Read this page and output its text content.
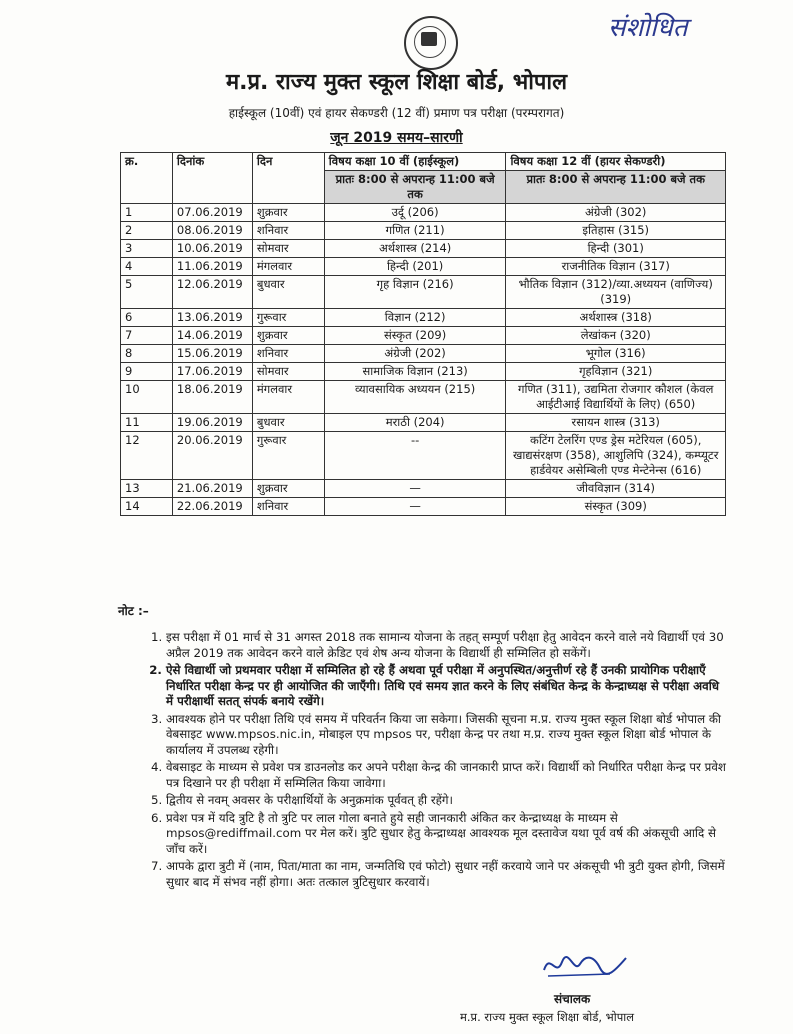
संशोधित
म.प्र. राज्य मुक्त स्कूल शिक्षा बोर्ड, भोपाल
हाईस्कूल (10वीं) एवं हायर सेकण्डरी (12 वीं) प्रमाण पत्र परीक्षा (परम्परागत)
जून 2019 समय–सारणी
क्र.	दिनांक	दिन	विषय कक्षा 10 वीं (हाईस्कूल)	विषय कक्षा 12 वीं (हायर सेकण्डरी)
			प्रातः 8:00 से अपरान्ह 11:00 बजे तक	प्रातः 8:00 से अपरान्ह 11:00 बजे तक
1	07.06.2019	शुक्रवार	उर्दू (206)	अंग्रेजी (302)
2	08.06.2019	शनिवार	गणित (211)	इतिहास (315)
3	10.06.2019	सोमवार	अर्थशास्त्र (214)	हिन्दी (301)
4	11.06.2019	मंगलवार	हिन्दी (201)	राजनीतिक विज्ञान (317)
5	12.06.2019	बुधवार	गृह विज्ञान (216)	भौतिक विज्ञान (312)/व्या.अध्ययन (वाणिज्य) (319)
6	13.06.2019	गुरूवार	विज्ञान (212)	अर्थशास्त्र (318)
7	14.06.2019	शुक्रवार	संस्कृत (209)	लेखांकन (320)
8	15.06.2019	शनिवार	अंग्रेजी (202)	भूगोल (316)
9	17.06.2019	सोमवार	सामाजिक विज्ञान (213)	गृहविज्ञान (321)
10	18.06.2019	मंगलवार	व्यावसायिक अध्ययन (215)	गणित (311), उद्यमिता रोजगार कौशल (केवल आईटीआई विद्यार्थियों के लिए) (650)
11	19.06.2019	बुधवार	मराठी (204)	रसायन शास्त्र (313)
12	20.06.2019	गुरूवार	--	कटिंग टेलरिंग एण्ड ड्रेस मटेरियल (605), खाद्यसंरक्षण (358), आशुलिपि (324), कम्प्यूटर हार्डवेयर असेम्बिली एण्ड मेन्टेनेन्स (616)
13	21.06.2019	शुक्रवार	—	जीवविज्ञान (314)
14	22.06.2019	शनिवार	—	संस्कृत (309)
नोट :–
1. इस परीक्षा में 01 मार्च से 31 अगस्त 2018 तक सामान्य योजना के तहत् सम्पूर्ण परीक्षा हेतु आवेदन करने वाले नये विद्यार्थी एवं 30 अप्रैल 2019 तक आवेदन करने वाले क्रेडिट एवं शेष अन्य योजना के विद्यार्थी ही सम्मिलित हो सकेंगें।
2. ऐसे विद्यार्थी जो प्रथमवार परीक्षा में सम्मिलित हो रहे हैं अथवा पूर्व परीक्षा में अनुपस्थित/अनुत्तीर्ण रहे हैं उनकी प्रायोगिक परीक्षाएँ निर्धारित परीक्षा केन्द्र पर ही आयोजित की जाएँगी। तिथि एवं समय ज्ञात करने के लिए संबंधित केन्द्र के केन्द्राध्यक्ष से परीक्षा अवधि में परीक्षार्थी सतत् संपर्क बनाये रखेंगे।
3. आवश्यक होने पर परीक्षा तिथि एवं समय में परिवर्तन किया जा सकेगा। जिसकी सूचना म.प्र. राज्य मुक्त स्कूल शिक्षा बोर्ड भोपाल की वेबसाइट www.mpsos.nic.in, मोबाइल एप mpsos पर, परीक्षा केन्द्र पर तथा म.प्र. राज्य मुक्त स्कूल शिक्षा बोर्ड भोपाल के कार्यालय में उपलब्ध रहेगी।
4. वेबसाइट के माध्यम से प्रवेश पत्र डाउनलोड कर अपने परीक्षा केन्द्र की जानकारी प्राप्त करें। विद्यार्थी को निर्धारित परीक्षा केन्द्र पर प्रवेश पत्र दिखाने पर ही परीक्षा में सम्मिलित किया जावेगा।
5. द्वितीय से नवम् अवसर के परीक्षार्थियों के अनुक्रमांक पूर्ववत् ही रहेंगे।
6. प्रवेश पत्र में यदि त्रुटि है तो त्रुटि पर लाल गोला बनाते हुये सही जानकारी अंकित कर केन्द्राध्यक्ष के माध्यम से mpsos@rediffmail.com पर मेल करें। त्रुटि सुधार हेतु केन्द्राध्यक्ष आवश्यक मूल दस्तावेज यथा पूर्व वर्ष की अंकसूची आदि से जाँच करें।
7. आपके द्वारा त्रुटी में (नाम, पिता/माता का नाम, जन्मतिथि एवं फोटो) सुधार नहीं करवाये जाने पर अंकसूची भी त्रुटी युक्त होगी, जिसमें सुधार बाद में संभव नहीं होगा। अतः तत्काल त्रुटिसुधार करवायें।
संचालक
म.प्र. राज्य मुक्त स्कूल शिक्षा बोर्ड, भोपाल
